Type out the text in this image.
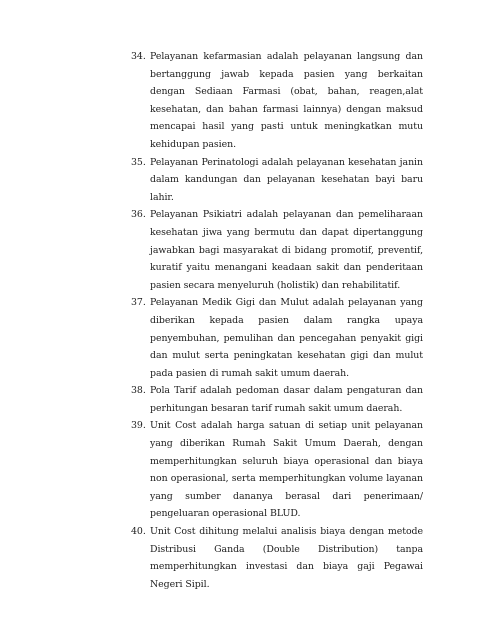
34. Pelayanan kefarmasian adalah pelayanan langsung dan bertanggung jawab kepada pasien yang berkaitan dengan Sediaan Farmasi (obat, bahan, reagen,alat kesehatan, dan bahan farmasi lainnya) dengan maksud mencapai hasil yang pasti untuk meningkatkan mutu kehidupan pasien.
35. Pelayanan Perinatologi adalah pelayanan kesehatan janin dalam kandungan dan pelayanan kesehatan bayi baru lahir.
36. Pelayanan Psikiatri adalah pelayanan dan pemeliharaan kesehatan jiwa yang bermutu dan dapat dipertanggung jawabkan bagi masyarakat di bidang promotif, preventif, kuratif yaitu menangani keadaan sakit dan penderitaan pasien secara menyeluruh (holistik) dan rehabilitatif.
37. Pelayanan Medik Gigi dan Mulut adalah pelayanan yang diberikan kepada pasien dalam rangka upaya penyembuhan, pemulihan dan pencegahan penyakit gigi dan mulut serta peningkatan kesehatan gigi dan mulut pada pasien di rumah sakit umum daerah.
38. Pola Tarif adalah pedoman dasar dalam pengaturan dan perhitungan besaran tarif rumah sakit umum daerah.
39. Unit Cost adalah harga satuan di setiap unit pelayanan yang diberikan Rumah Sakit Umum Daerah, dengan memperhitungkan seluruh biaya operasional dan biaya non operasional, serta memperhitungkan volume layanan yang sumber dananya berasal dari penerimaan/ pengeluaran operasional BLUD.
40. Unit Cost dihitung melalui analisis biaya dengan metode Distribusi Ganda (Double Distribution) tanpa memperhitungkan investasi dan biaya gaji Pegawai Negeri Sipil.
